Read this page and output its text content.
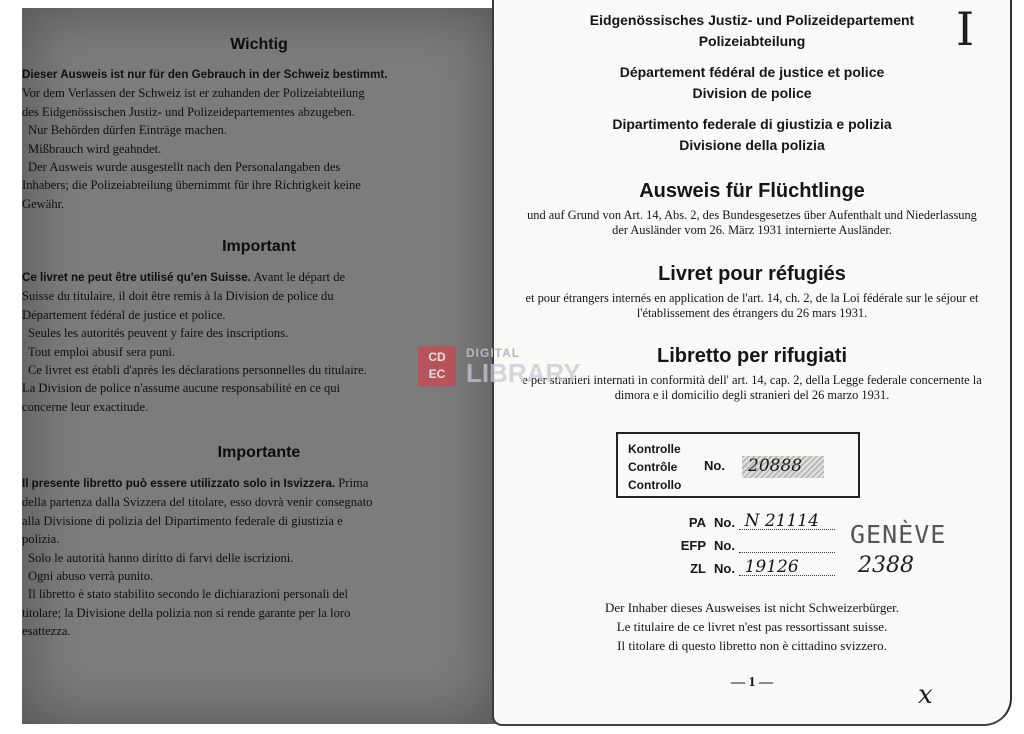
Wichtig
Dieser Ausweis ist nur für den Gebrauch in der Schweiz bestimmt.
Vor dem Verlassen der Schweiz ist er zuhanden der Polizeiabteilung
des Eidgenössischen Justiz- und Polizeidepartementes abzugeben.
Nur Behörden dürfen Einträge machen.
Mißbrauch wird geahndet.
Der Ausweis wurde ausgestellt nach den Personalangaben des
Inhabers; die Polizeiabteilung übernimmt für ihre Richtigkeit keine
Gewähr.
Important
Ce livret ne peut être utilisé qu'en Suisse. Avant le départ de
Suisse du titulaire, il doit être remis à la Division de police du
Département fédéral de justice et police.
Seules les autorités peuvent y faire des inscriptions.
Tout emploi abusif sera puni.
Ce livret est établi d'après les déclarations personnelles du titulaire.
La Division de police n'assume aucune responsabilité en ce qui
concerne leur exactitude.
Importante
Il presente libretto può essere utilizzato solo in Isvizzera. Prima
della partenza dalla Svizzera del titolare, esso dovrà venir consegnato
alla Divisione di polizia del Dipartimento federale di giustizia e
polizia.
Solo le autorità hanno diritto di farvi delle iscrizioni.
Ogni abuso verrà punito.
Il libretto è stato stabilito secondo le dichiarazioni personali del
titolare; la Divisione della polizia non si rende garante per la loro
esattezza.
Eidgenössisches Justiz- und Polizeidepartement
Polizeiabteilung
Département fédéral de justice et police
Division de police
Dipartimento federale di giustizia e polizia
Divisione della polizia
Ausweis für Flüchtlinge
und auf Grund von Art. 14, Abs. 2, des Bundesgesetzes über Aufenthalt und Niederlassung der Ausländer vom 26. März 1931 internierte Ausländer.
Livret pour réfugiés
et pour étrangers internés en application de l'art. 14, ch. 2, de la Loi fédérale sur le séjour et l'établissement des étrangers du 26 mars 1931.
Libretto per rifugiati
e per stranieri internati in conformità dell' art. 14, cap. 2, della Legge federale concernente la dimora e il domicilio degli stranieri del 26 marzo 1931.
Kontrolle
Contrôle
Controllo
No. 20888
PA No. N 21114
EFP No.
ZL No. 19126
GENÈVE
2388
Der Inhaber dieses Ausweises ist nicht Schweizerbürger.
Le titulaire de ce livret n'est pas ressortissant suisse.
Il titolare di questo libretto non è cittadino svizzero.
— 1 —
I
x
CD
EC
DIGITAL
LIBRARY
